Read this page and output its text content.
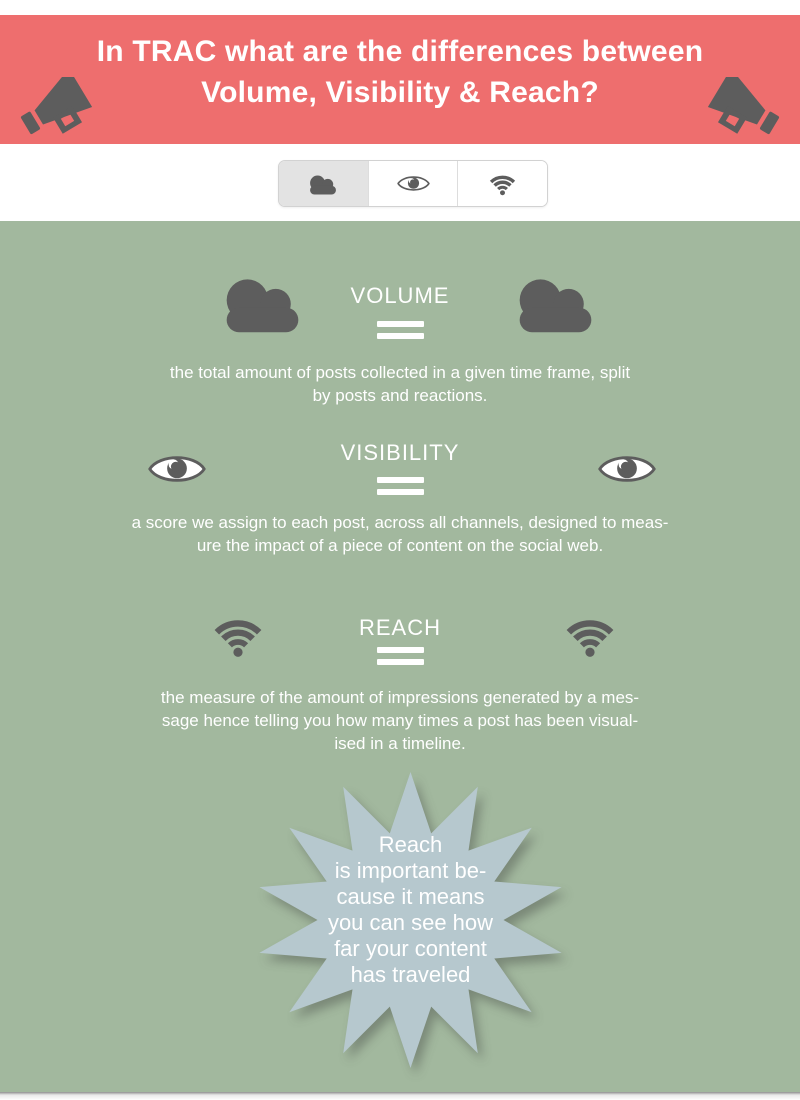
In TRAC what are the differences between
Volume, Visibility & Reach?
VOLUME

the total amount of posts collected in a given time frame, split
by posts and reactions.

VISIBILITY

a score we assign to each post, across all channels, designed to meas-
ure the impact of a piece of content on the social web.

REACH

the measure of the amount of impressions generated by a mes-
sage hence telling you how many times a post has been visual-
ised in a timeline.

Reach
is important be-
cause it means
you can see how
far your content
has traveled
